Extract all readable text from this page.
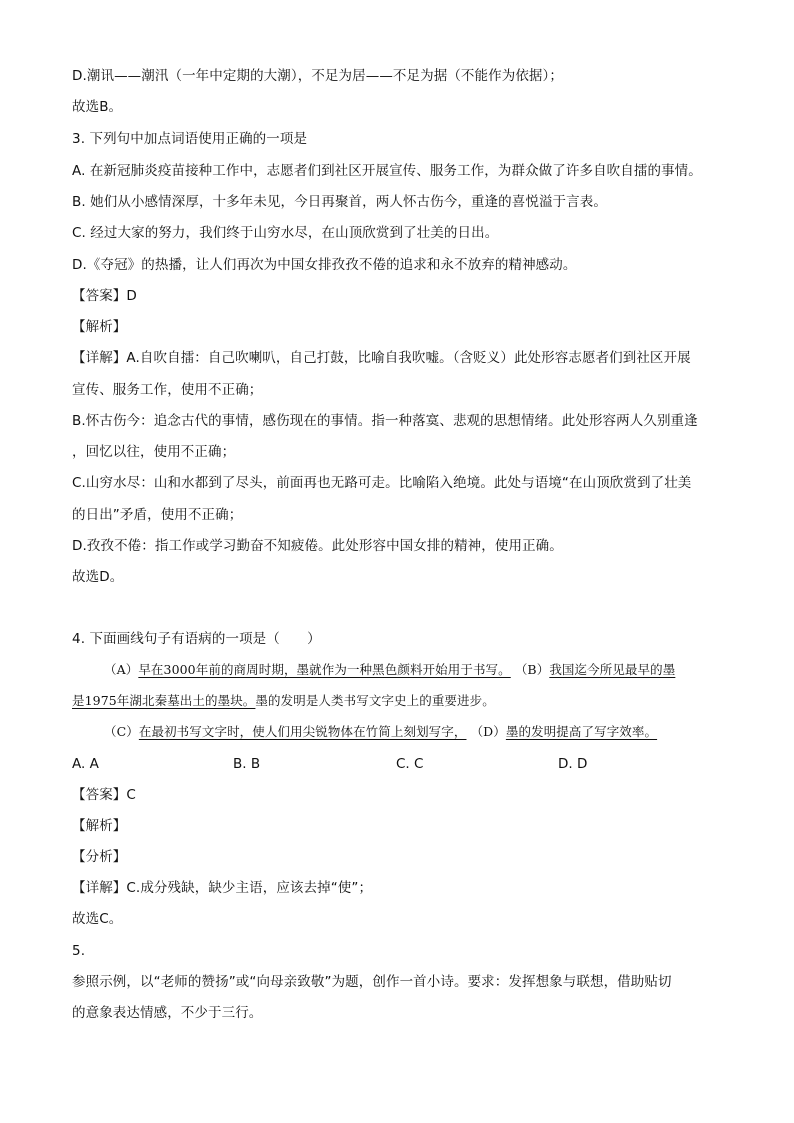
D.潮讯——潮汛（一年中定期的大潮），不足为居——不足为据（不能作为依据）；
故选B。
3. 下列句中加点词语使用正确的一项是
A. 在新冠肺炎疫苗接种工作中，志愿者们到社区开展宣传、服务工作，为群众做了许多自吹自擂的事情。
B. 她们从小感情深厚，十多年未见，今日再聚首，两人怀古伤今，重逢的喜悦溢于言表。
C. 经过大家的努力，我们终于山穷水尽，在山顶欣赏到了壮美的日出。
D.《夺冠》的热播，让人们再次为中国女排孜孜不倦的追求和永不放弃的精神感动。
【答案】D
【解析】
【详解】A.自吹自擂：自己吹喇叭，自己打鼓，比喻自我吹嘘。（含贬义）此处形容志愿者们到社区开展
宣传、服务工作，使用不正确；
B.怀古伤今：追念古代的事情，感伤现在的事情。指一种落寞、悲观的思想情绪。此处形容两人久别重逢
，回忆以往，使用不正确；
C.山穷水尽：山和水都到了尽头，前面再也无路可走。比喻陷入绝境。此处与语境“在山顶欣赏到了壮美
的日出”矛盾，使用不正确；
D.孜孜不倦：指工作或学习勤奋不知疲倦。此处形容中国女排的精神，使用正确。
故选D。
4. 下面画线句子有语病的一项是（　　）
（A）早在3000年前的商周时期，墨就作为一种黑色颜料开始用于书写。 （B）我国迄今所见最早的墨
是1975年湖北秦墓出土的墨块。墨的发明是人类书写文字史上的重要进步。
（C）在最初书写文字时，使人们用尖锐物体在竹简上刻划写字， （D）墨的发明提高了写字效率。
A. A	B. B	C. C	D. D
【答案】C
【解析】
【分析】
【详解】C.成分残缺，缺少主语，应该去掉“使”；
故选C。
5.
参照示例，以“老师的赞扬”或“向母亲致敬”为题，创作一首小诗。要求：发挥想象与联想，借助贴切
的意象表达情感，不少于三行。
